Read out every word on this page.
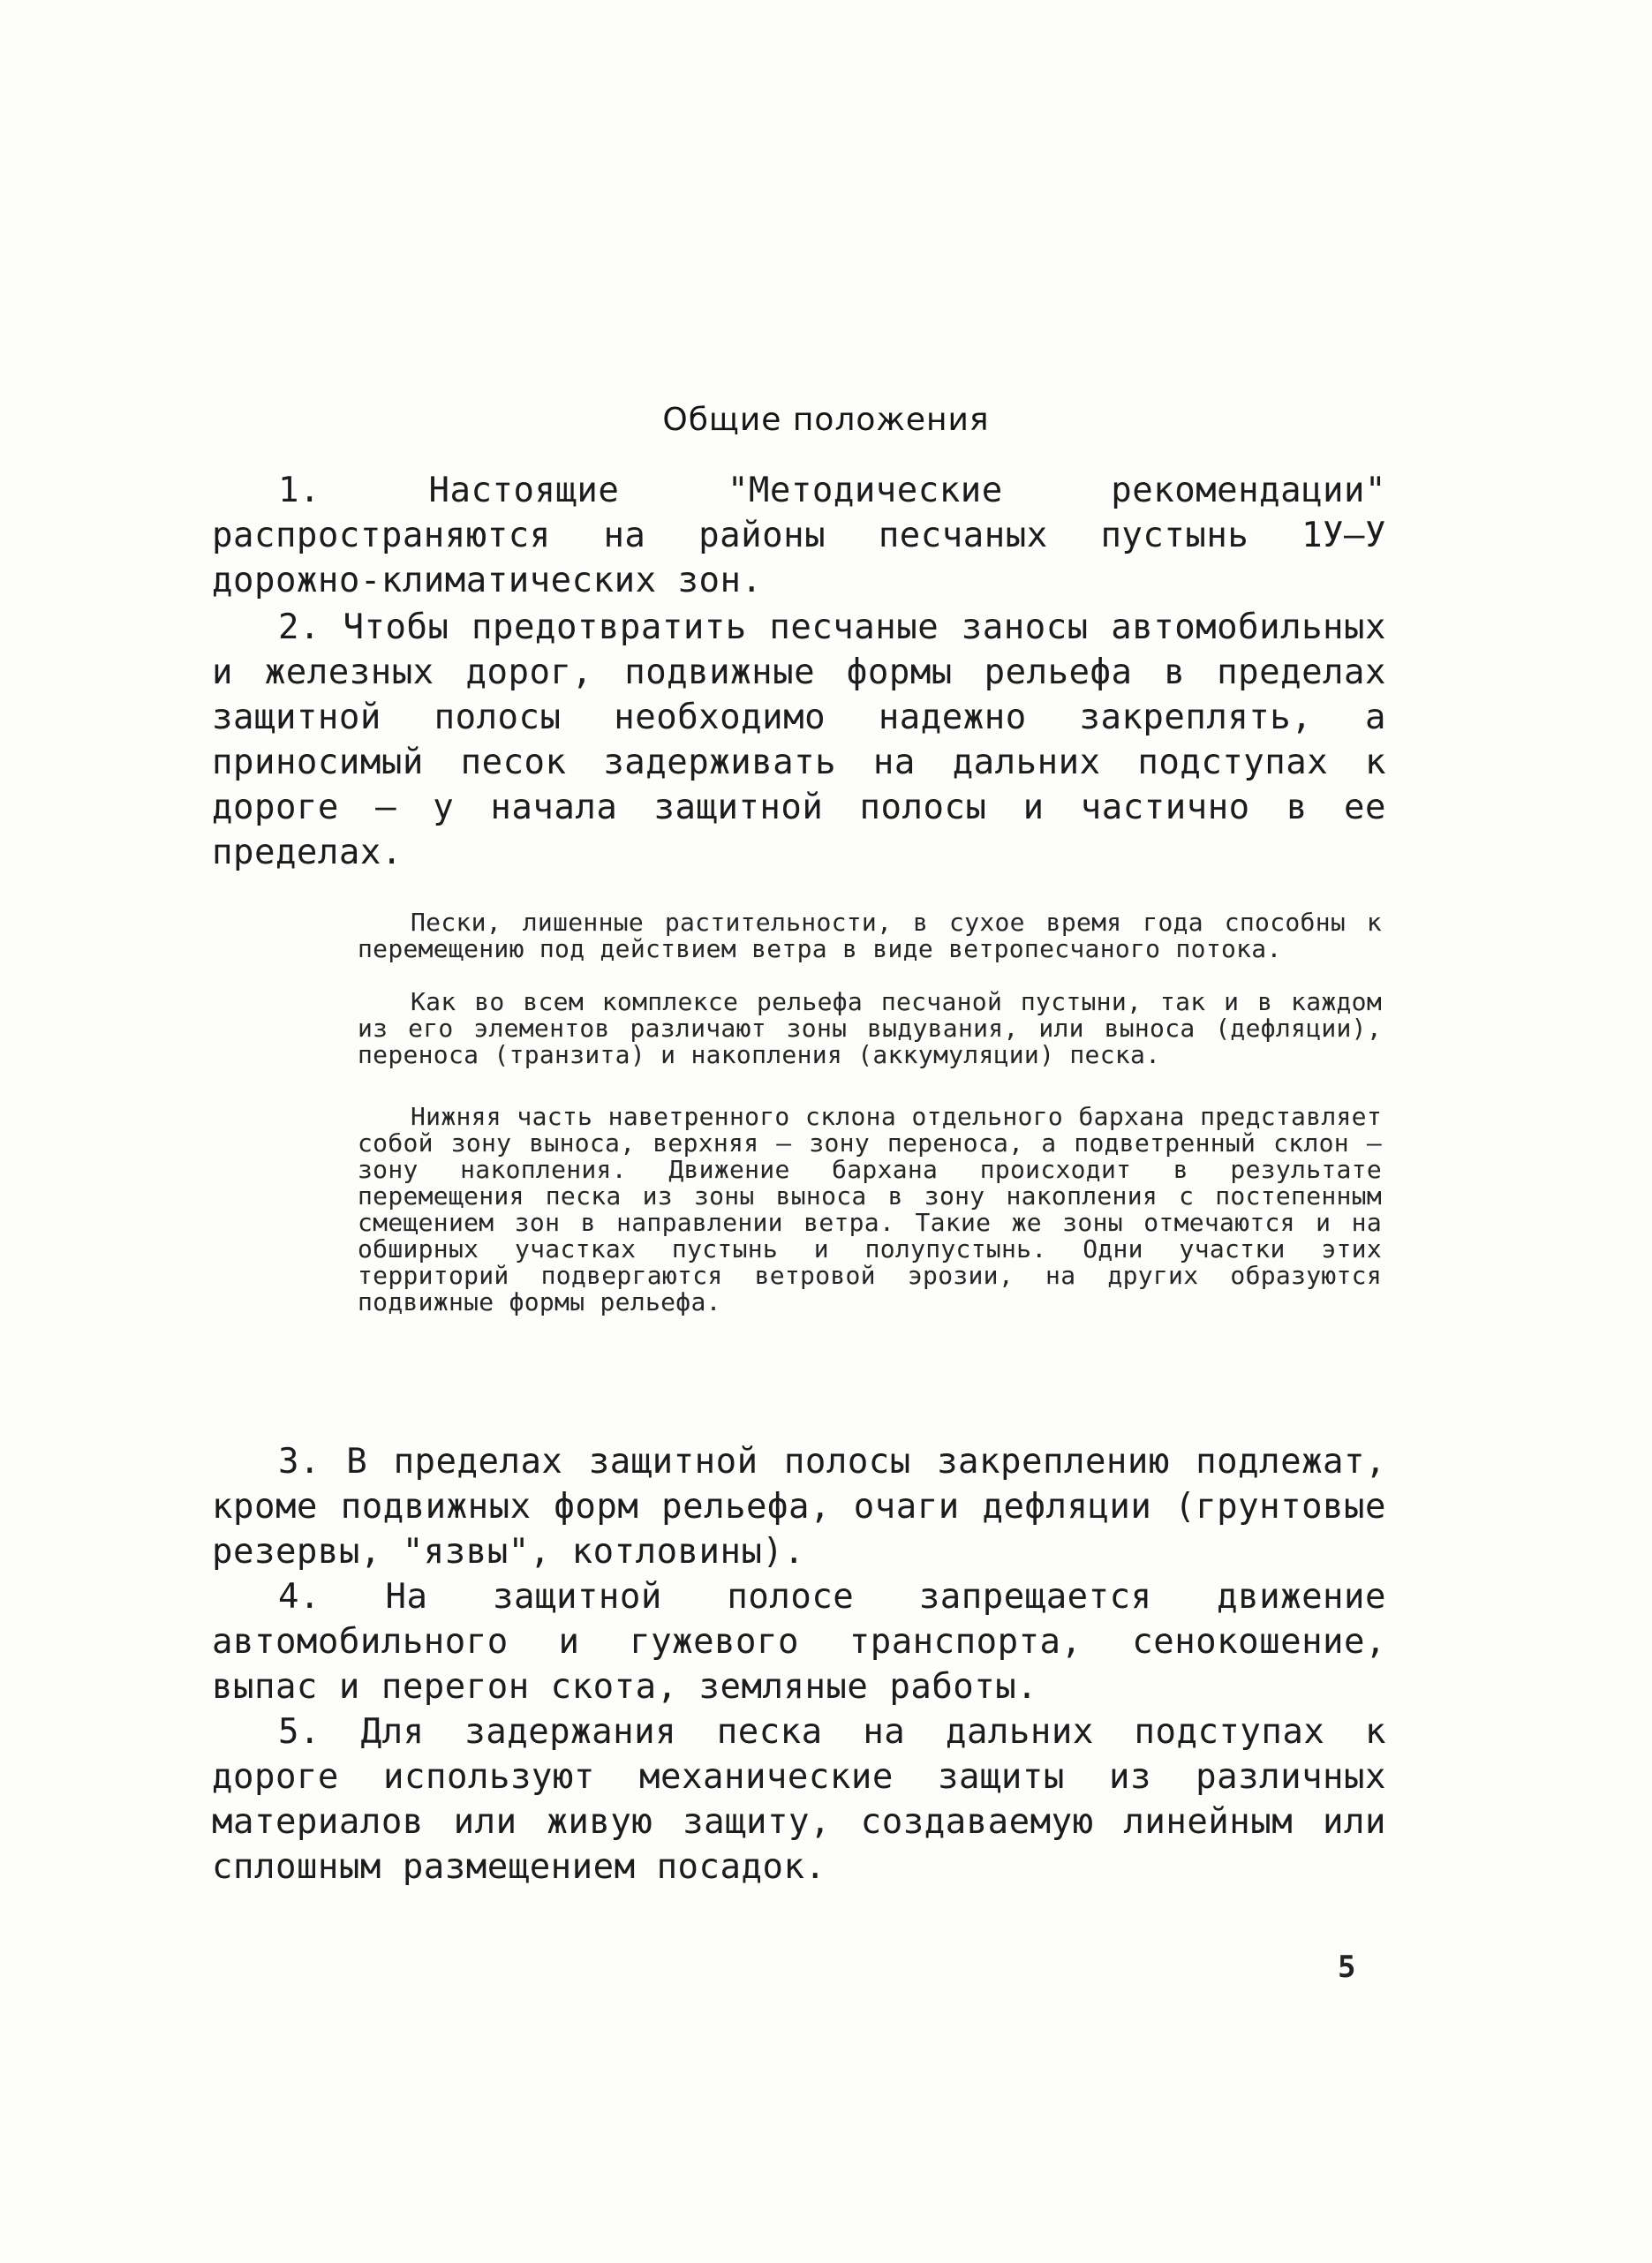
Общие положения

1. Настоящие "Методические рекомендации" распространяются на районы песчаных пустынь 1У–У дорожно-климатических зон.

2. Чтобы предотвратить песчаные заносы автомобильных и железных дорог, подвижные формы рельефа в пределах защитной полосы необходимо надежно закреплять, а приносимый песок задерживать на дальних подступах к дороге – у начала защитной полосы и частично в ее пределах.

Пески, лишенные растительности, в сухое время года способны к перемещению под действием ветра в виде ветропесчаного потока.

Как во всем комплексе рельефа песчаной пустыни, так и в каждом из его элементов различают зоны выдувания, или выноса (дефляции), переноса (транзита) и накопления (аккумуляции) песка.

Нижняя часть наветренного склона отдельного бархана представляет собой зону выноса, верхняя – зону переноса, а подветренный склон – зону накопления. Движение бархана происходит в результате перемещения песка из зоны выноса в зону накопления с постепенным смещением зон в направлении ветра. Такие же зоны отмечаются и на обширных участках пустынь и полупустынь. Одни участки этих территорий подвергаются ветровой эрозии, на других образуются подвижные формы рельефа.

3. В пределах защитной полосы закреплению подлежат, кроме подвижных форм рельефа, очаги дефляции (грунтовые резервы, "язвы", котловины).

4. На защитной полосе запрещается движение автомобильного и гужевого транспорта, сенокошение, выпас и перегон скота, земляные работы.

5. Для задержания песка на дальних подступах к дороге используют механические защиты из различных материалов или живую защиту, создаваемую линейным или сплошным размещением посадок.

5
